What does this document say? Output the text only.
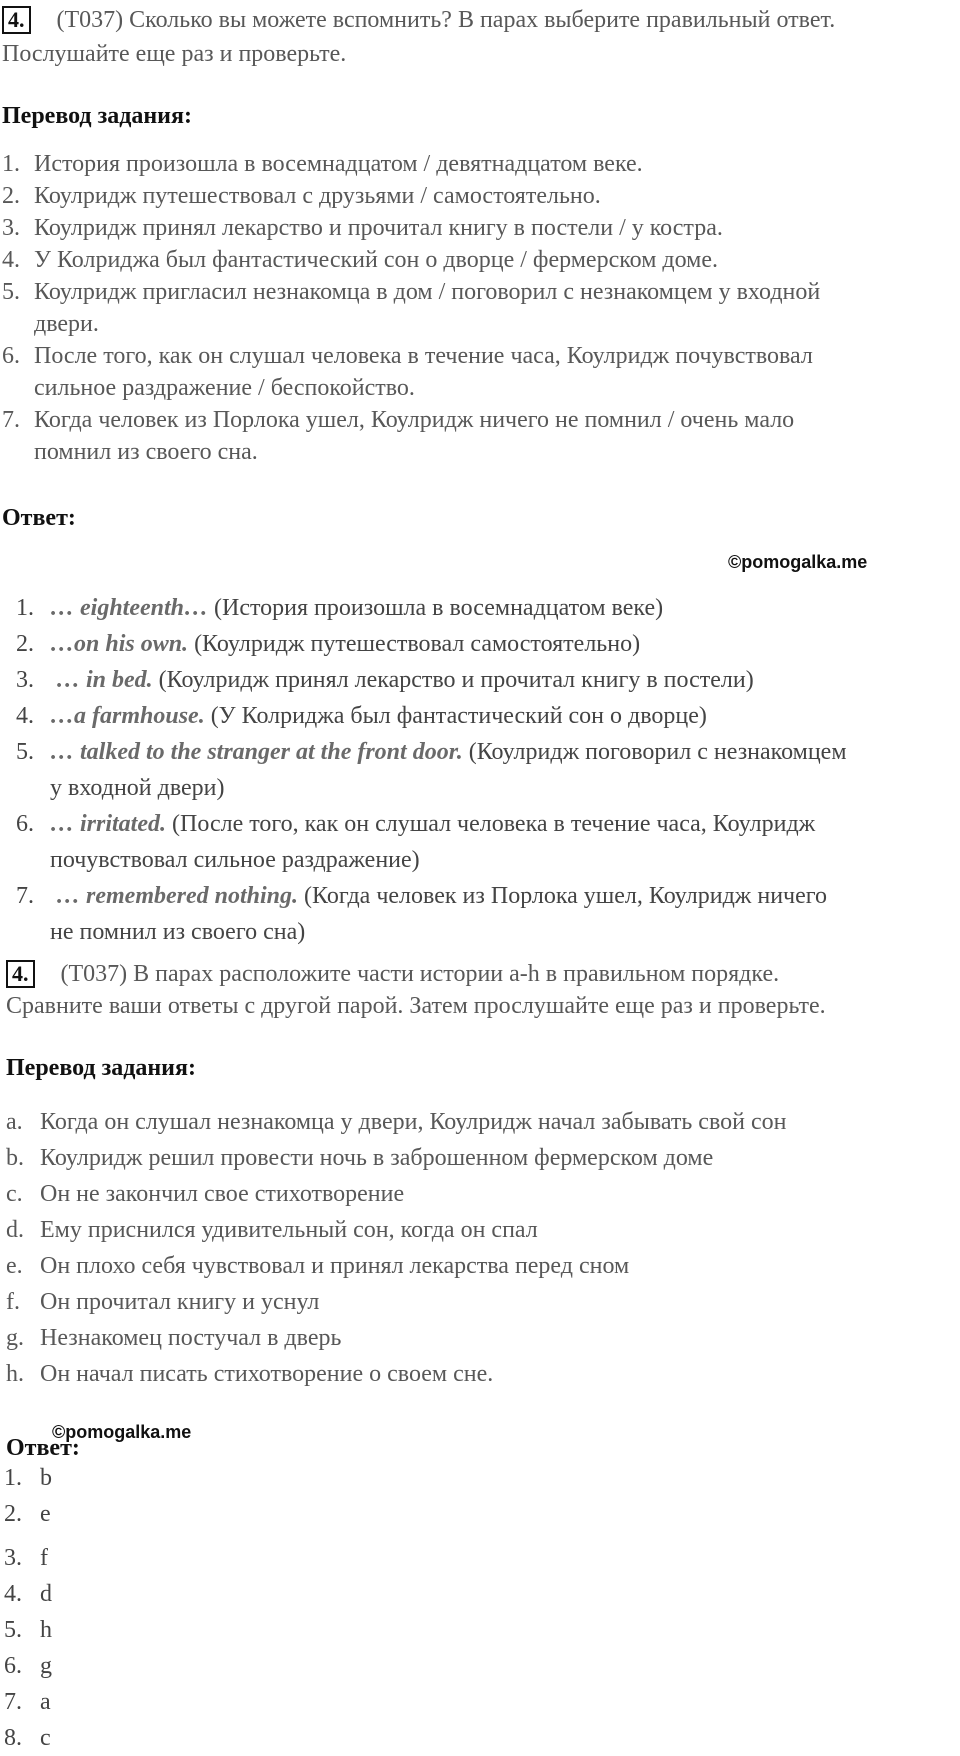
4. (T037) Сколько вы можете вспомнить? В парах выберите правильный ответ.
Послушайте еще раз и проверьте.
Перевод задания:
1. История произошла в восемнадцатом / девятнадцатом веке.
2. Коулридж путешествовал с друзьями / самостоятельно.
3. Коулридж принял лекарство и прочитал книгу в постели / у костра.
4. У Колриджа был фантастический сон о дворце / фермерском доме.
5. Коулридж пригласил незнакомца в дом / поговорил с незнакомцем у входной
двери.
6. После того, как он слушал человека в течение часа, Коулридж почувствовал
сильное раздражение / беспокойство.
7. Когда человек из Порлока ушел, Коулридж ничего не помнил / очень мало
помнил из своего сна.
Ответ:
©pomogalka.me
1. … eighteenth… (История произошла в восемнадцатом веке)
2. …on his own. (Коулридж путешествовал самостоятельно)
3. … in bed. (Коулридж принял лекарство и прочитал книгу в постели)
4. …a farmhouse. (У Колриджа был фантастический сон о дворце)
5. … talked to the stranger at the front door. (Коулридж поговорил с незнакомцем
у входной двери)
6. … irritated. (После того, как он слушал человека в течение часа, Коулридж
почувствовал сильное раздражение)
7. … remembered nothing. (Когда человек из Порлока ушел, Коулридж ничего
не помнил из своего сна)
4. (T037) В парах расположите части истории a-h в правильном порядке.
Сравните ваши ответы с другой парой. Затем прослушайте еще раз и проверьте.
Перевод задания:
a. Когда он слушал незнакомца у двери, Коулридж начал забывать свой сон
b. Коулридж решил провести ночь в заброшенном фермерском доме
c. Он не закончил свое стихотворение
d. Ему приснился удивительный сон, когда он спал
e. Он плохо себя чувствовал и принял лекарства перед сном
f. Он прочитал книгу и уснул
g. Незнакомец постучал в дверь
h. Он начал писать стихотворение о своем сне.
Ответ:
©pomogalka.me
1. b
2. e
3. f
4. d
5. h
6. g
7. a
8. c
